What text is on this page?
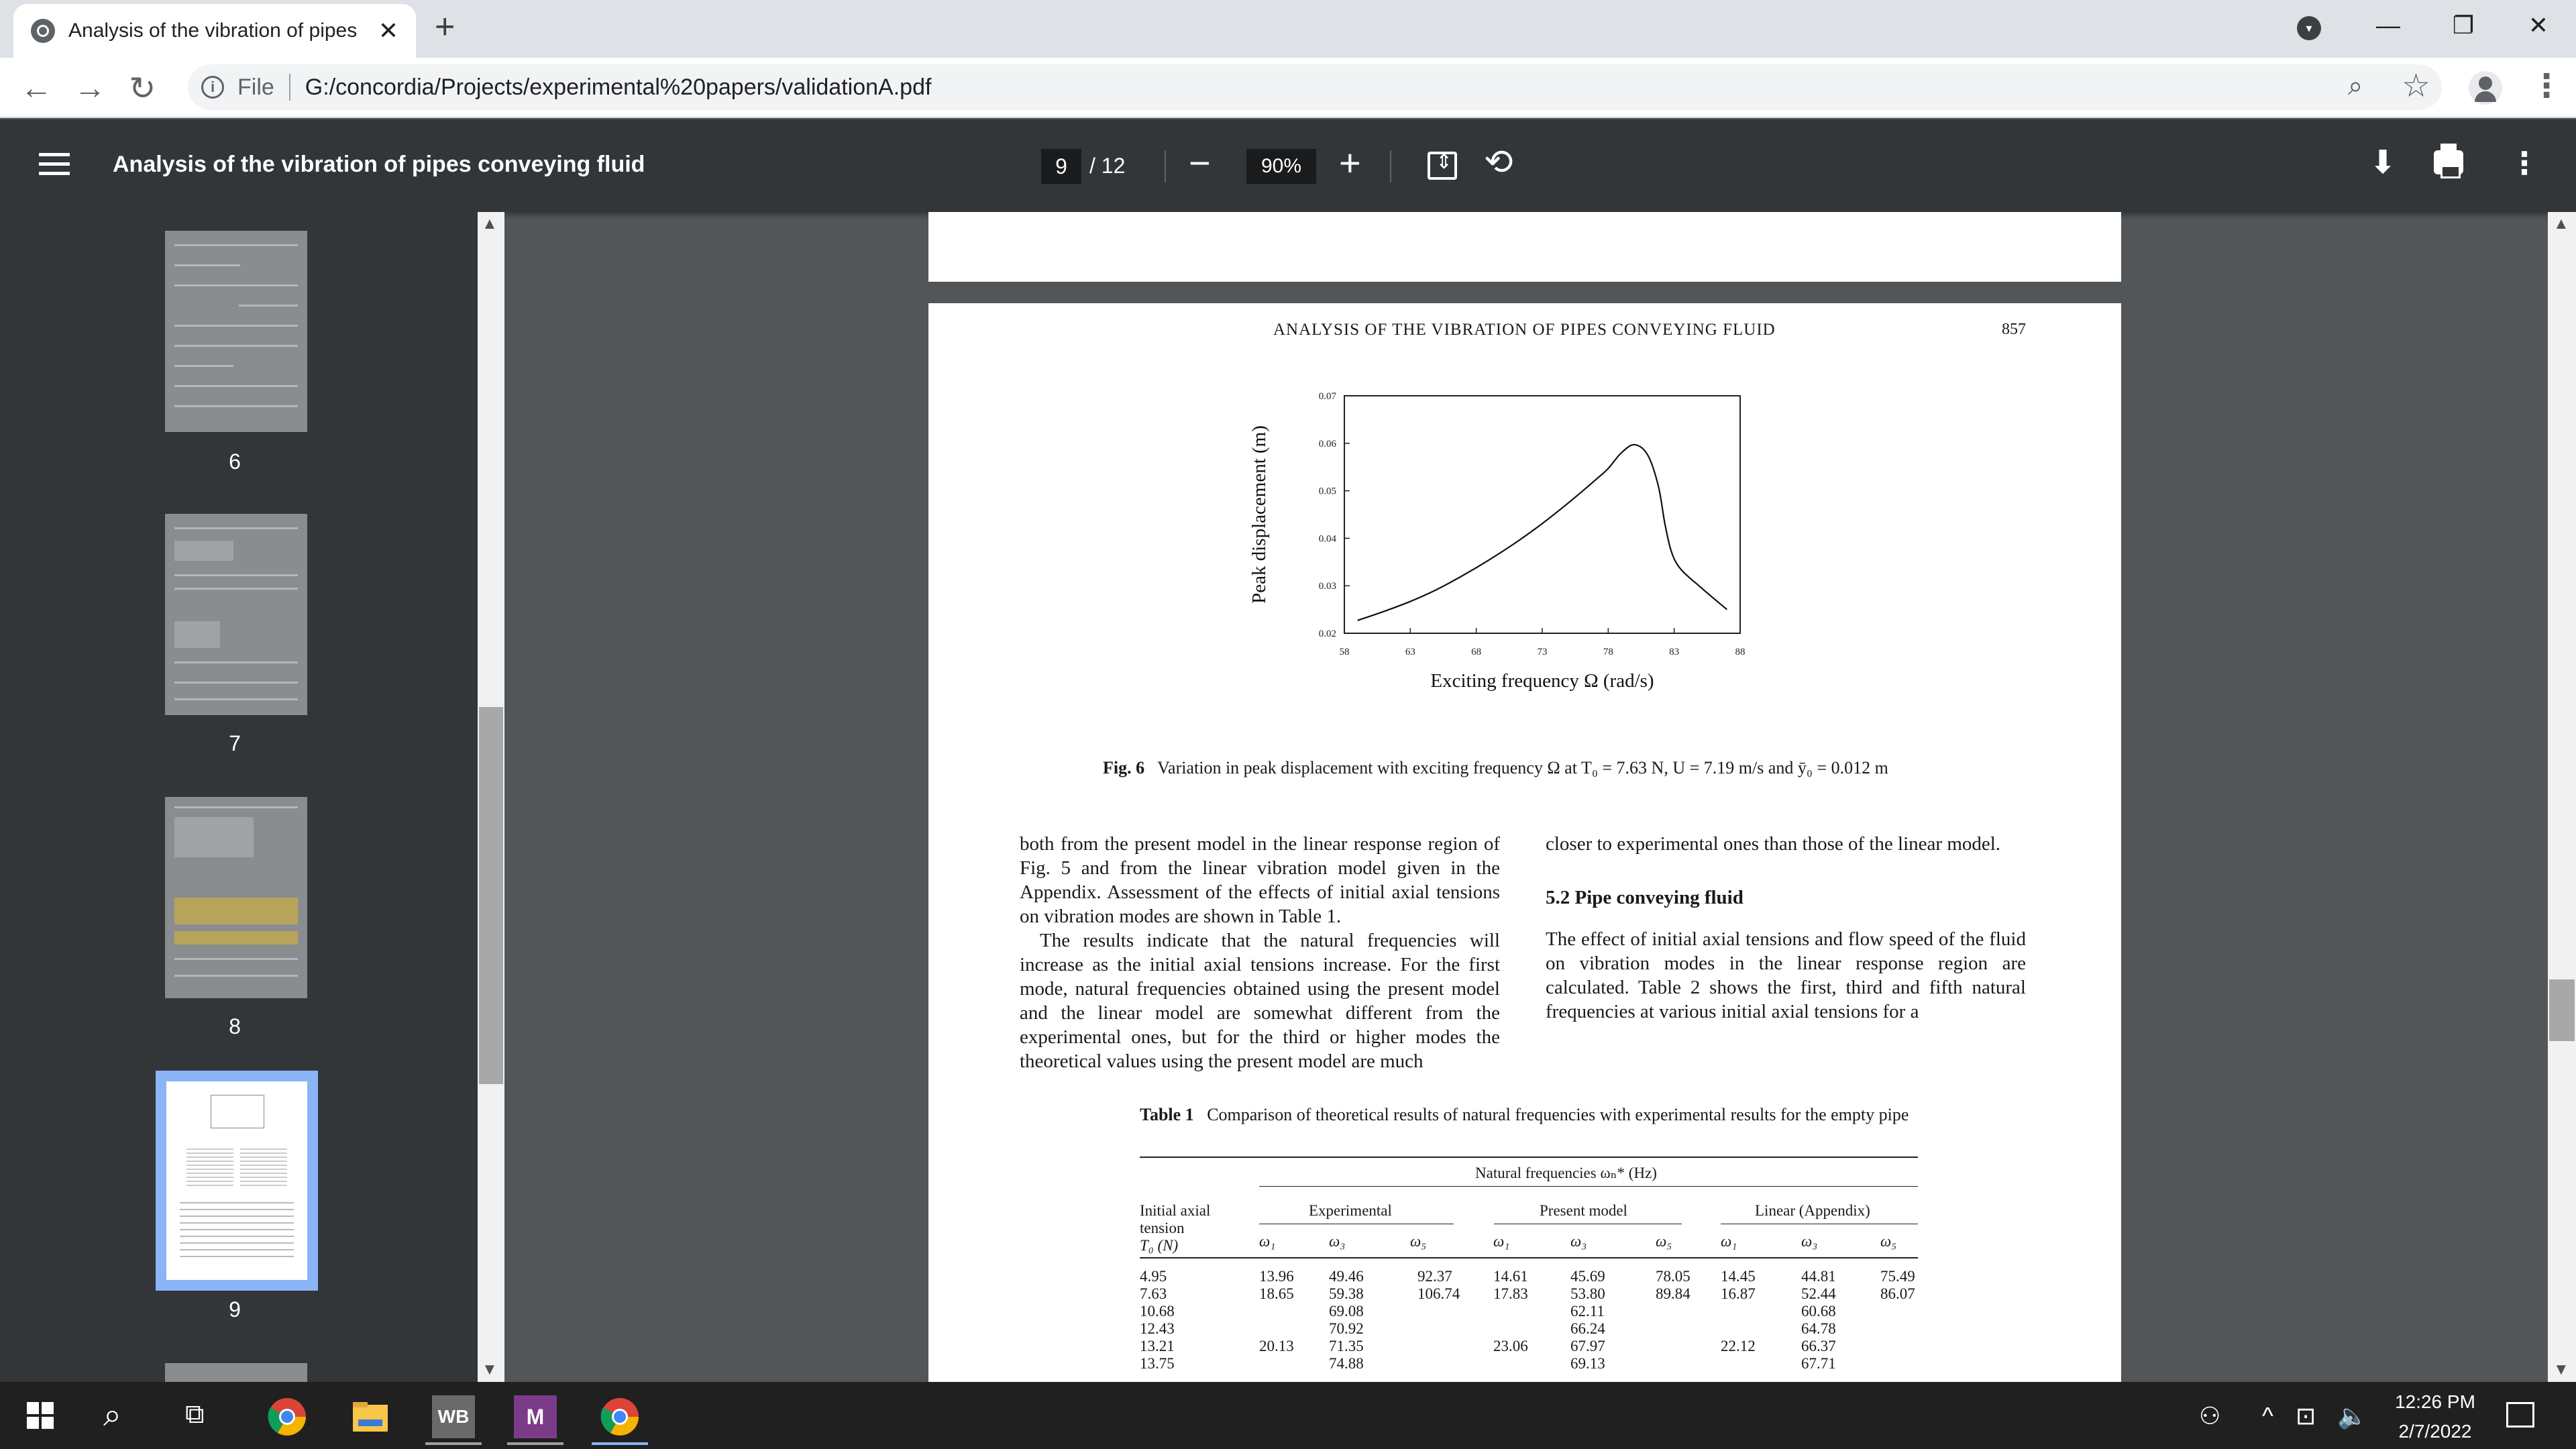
Analysis of the vibration of pipes ✕ +	▾	—	❐	✕
← → ↻	i File G:/concordia/Projects/experimental%20papers/validationA.pdf	⌕ ☆	⋮
Analysis of the vibration of pipes conveying fluid	9	/ 12 −	90% +
⇕	⟲	⬇	⋮
6
7
8
9
▲
▼
▲
▼
ANALYSIS OF THE VIBRATION OF PIPES CONVEYING FLUID	857
58	63	68	73	78	83	88
0.02
0.03
0.04
0.05
0.06
0.07
Exciting frequency Ω (rad/s)
Peak displacement (m)
Fig. 6 Variation in peak displacement with exciting frequency Ω at T₀ = 7.63 N, U = 7.19 m/s and ȳ₀ = 0.012 m

both from the present model in the linear response region of Fig. 5 and from the linear vibration model given in the Appendix. Assessment of the effects of initial axial tensions on vibration modes are shown in Table 1.

The results indicate that the natural frequencies will increase as the initial axial tensions increase. For the first mode, natural frequencies obtained using the present model and the linear model are somewhat different from the experimental ones, but for the third or higher modes the theoretical values using the present model are much

closer to experimental ones than those of the linear model.

5.2 Pipe conveying fluid

The effect of initial axial tensions and flow speed of the fluid on vibration modes in the linear response region are calculated. Table 2 shows the first, third and fifth natural frequencies at various initial axial tensions for a

Table 1 Comparison of theoretical results of natural frequencies with experimental results for the empty pipe
Natural frequencies ωₙ* (Hz)
Initial axial
tension
T₀ (N)
Experimental	Present model	Linear (Appendix)
ω₁	ω₃	ω₅	ω₁	ω₃	ω₅	ω₁	ω₃	ω₅
4.95
7.63
10.68
12.43
13.21
13.75
13.96
18.65
20.13
49.46
59.38
69.08
70.92
71.35
74.88
92.37
106.74
14.61
17.83
23.06
45.69
53.80
62.11
66.24
67.97
69.13
78.05
89.84
14.45
16.87
22.12
44.81
52.44
60.68
64.78
66.37
67.71
75.49
86.07
⌕ ⧉	WB	M	⚇ ^ ⊡ 🔈
12:26 PM
2/7/2022
